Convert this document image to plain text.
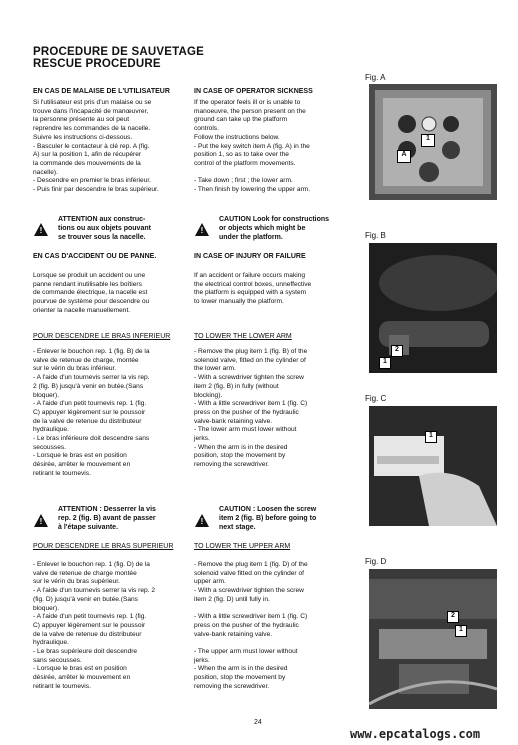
PROCEDURE DE SAUVETAGE
RESCUE PROCEDURE
EN CAS DE MALAISE DE L'UTILISATEUR
Si l'utilisateur est pris d'un malaise ou se
trouve dans l'incapacité de manœuvrer,
la personne présente au sol peut
reprendre les commandes de la nacelle.
Suivre les instructions ci-dessous.
- Basculer le contacteur à clé rep. A (fig.
A) sur la position 1, afin de récupérer
la commande des mouvements de la
nacelle).
- Descendre en premier le bras inférieur.
- Puis finir par descendre le bras supérieur.
!
ATTENTION aux construc-
tions ou aux objets pouvant
se trouver sous la nacelle.
EN CAS D'ACCIDENT OU DE PANNE.
Lorsque se produit un accident ou une
panne rendant inutilisable les boîtiers
de commande électrique, la nacelle est
pourvue de système pour descendre ou
orienter la nacelle manuellement.
POUR DESCENDRE LE BRAS INFERIEUR
- Enlever le bouchon rep. 1 (fig. B) de la
valve de retenue de charge, montée
sur le vérin du bras inférieur.
- A l'aide d'un tournevis serrer la vis rep.
2 (fig. B) jusqu'à venir en butée.(Sans
bloquer).
- A l'aide d'un petit tournevis rep. 1 (fig.
C) appuyer légèrement sur le poussoir
de la valve de retenue du distributeur
hydraulique.
- Le bras inférieure doit descendre sans
secousses.
- Lorsque le bras est en position
désirée, arrêter le mouvement en
retirant le tournevis.
!
ATTENTION : Desserrer la vis
rep. 2 (fig. B) avant de passer
à l'étape suivante.
POUR DESCENDRE LE BRAS SUPERIEUR
- Enlever le bouchon rep. 1 (fig. D) de la
valve de retenue de charge montée
sur le vérin du bras supérieur.
- A l'aide d'un tournevis serrer la vis rep. 2
(fig. D) jusqu'à venir en butée.(Sans
bloquer).
- A l'aide d'un petit tournevis rep. 1 (fig.
C) appuyer légèrement sur le poussoir
de la valve de retenue du distributeur
hydraulique.
- Le bras supérieure doit descendre
sans secousses.
- Lorsque le bras est en position
désirée, arrêter le mouvement en
retirant le tournevis.
IN CASE OF OPERATOR SICKNESS
If the operator feels ill or is unable to
manoeuvre, the person present on the
ground can take up the platform
controls.
Follow the instructions below.
- Put the key switch item A (fig. A) in the
position 1, so as to take over the
control of the platform movements.

- Take down ; first ; the lower arm.
- Then finish by lowering the upper arm.
!
CAUTION Look for constructions
or objects which might be
under the platform.
IN CASE OF INJURY OR FAILURE
If an accident or failure occurs making
the electrical control boxes, unneffective
the platform is equipped with a system
to lower manually the platform.
TO LOWER THE LOWER ARM
- Remove the plug item 1 (fig. B) of the
solenoid valve, fitted on the cylinder of
the lower arm.
- With a screwdriver tighten the screw
item 2 (fig. B) in fully (without
blocking).
- With a little screwdriver item 1 (fig. C)
press on the pusher of the hydraulic
valve-bank retaining valve.
- The lower arm must lower without
jerks.
- When the arm is in the desired
position, stop the movement by
removing the screwdriver.
!
CAUTION : Loosen the screw
item 2 (fig. B) before going to
next stage.
TO LOWER THE UPPER ARM
- Remove the plug item 1 (fig. D) of the
solenoid valve fitted on the cylinder of
upper arm.
- With a screwdriver tighten the screw
item 2 (fig. D) until fully in.

- With a little screwdriver item 1 (fig. C)
press on the pusher of the hydraulic
valve-bank retaining valve.

- The upper arm must lower without
jerks.
- When the arm is in the desired
position, stop the movement by
removing the screwdriver.
Fig. A
1
A
Fig. B
2
1
Fig. C
1
Fig. D
2
1
24
www.epcatalogs.com
